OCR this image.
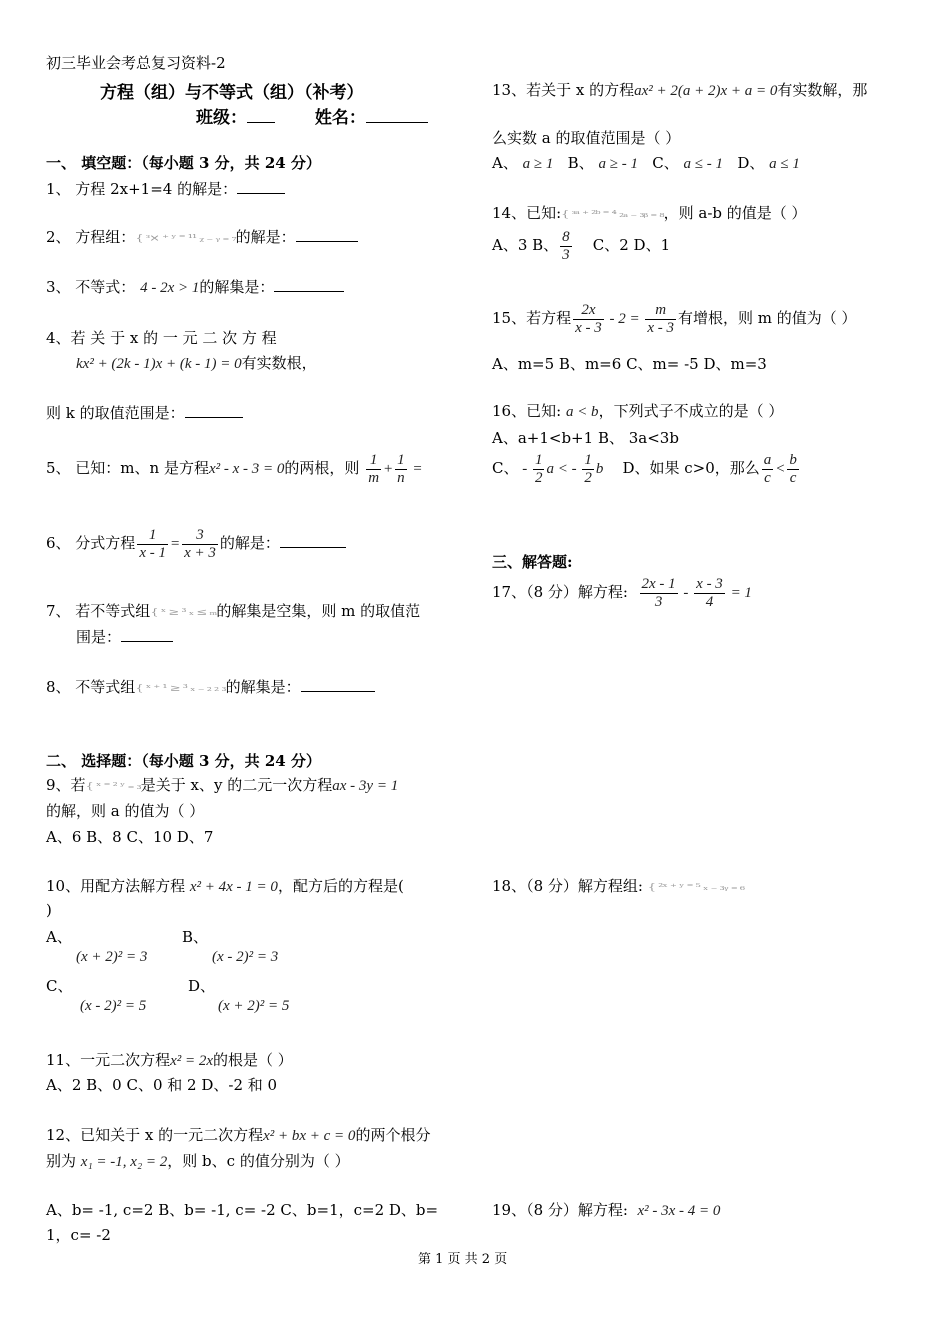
初三毕业会考总复习资料-2
方程（组）与不等式（组）（补考）
班级：	姓名：
一、 填空题：（每小题 3 分，共 24 分）
1、 方程 2x+1=4 的解是：
2、 方程组：{ ᵌ× ⁺ ʸ ⁼ ¹¹ ᵪ ₋ ᵧ ₌ ₇的解是：
3、 不等式： 4 - 2x > 1的解集是：
4、若 关 于 x 的 一 元 二 次 方 程
kx² + (2k - 1)x + (k - 1) = 0有实数根，
则 k 的取值范围是：
5、 已知：m、n 是方程x² - x - 3 = 0的两根，则 $\frac{1}{m} + \frac{1}{n}$ =
6、 分式方程 $\frac{1}{x - 1} = \frac{3}{x + 3}$ 的解是：
7、 若不等式组{ ˣ ≥ ³ ₓ ≤ ₘ的解集是空集，则 m 的取值范
围是：
8、 不等式组{ ˣ ⁺ ¹ ≥ ³ ₓ ₋ ₂ ₂ ₃的解集是：
二、 选择题：（每小题 3 分，共 24 分）
9、若{ ˣ ⁼ ² ʸ ₌ ₃是关于 x、y 的二元一次方程ax - 3y = 1
的解，则 a 的值为（ ）
A、6 B、8 C、10 D、7
10、用配方法解方程 x² + 4x - 1 = 0，配方后的方程是(
)
A、
(x + 2)² = 3
B、
(x - 2)² = 3
C、
(x - 2)² = 5
D、
(x + 2)² = 5
11、一元二次方程x² = 2x的根是（ ）
A、2 B、0 C、0 和 2 D、-2 和 0
12、已知关于 x 的一元二次方程x² + bx + c = 0的两个根分
别为 x₁ = -1, x₂ = 2，则 b、c 的值分别为（ ）
A、b= -1, c=2 B、b= -1, c= -2 C、b=1，c=2 D、b=
1，c= -2
13、若关于 x 的方程ax² + 2(a + 2)x + a = 0有实数解，那
么实数 a 的取值范围是（ ）
A、 a ≥ 1 B、 a ≥ - 1 C、 a ≤ - 1 D、 a ≤ 1
14、已知:{ ᵌᵃ ⁺ ²ᵇ ⁼ ⁴ ₂ₐ ₋ ₃ᵦ ₌ ₈，则 a-b 的值是（ ）
A、3 B、 $\frac{8}{3}$ C、2 D、1
15、若方程 $\frac{2x}{x - 3} - 2 = \frac{m}{x - 3}$ 有增根，则 m 的值为（ ）
A、m=5 B、m=6 C、m= -5 D、m=3
16、已知: a < b，下列式子不成立的是（ ）
A、a+1<b+1 B、 3a<3b
C、 - $\frac{1}{2}$ a < - $\frac{1}{2}$ b D、如果 c>0，那么 $\frac{a}{c} < \frac{b}{c}$
三、解答题:
17、（8 分）解方程: $\frac{2x - 1}{3} - \frac{x - 3}{4} = 1$
18、（8 分）解方程组: { ²ˣ ⁺ ʸ ⁼ ⁵ ₓ ₋ ₃ᵧ ₌ ₆
19、（8 分）解方程: x² - 3x - 4 = 0
第 1 页 共 2 页
